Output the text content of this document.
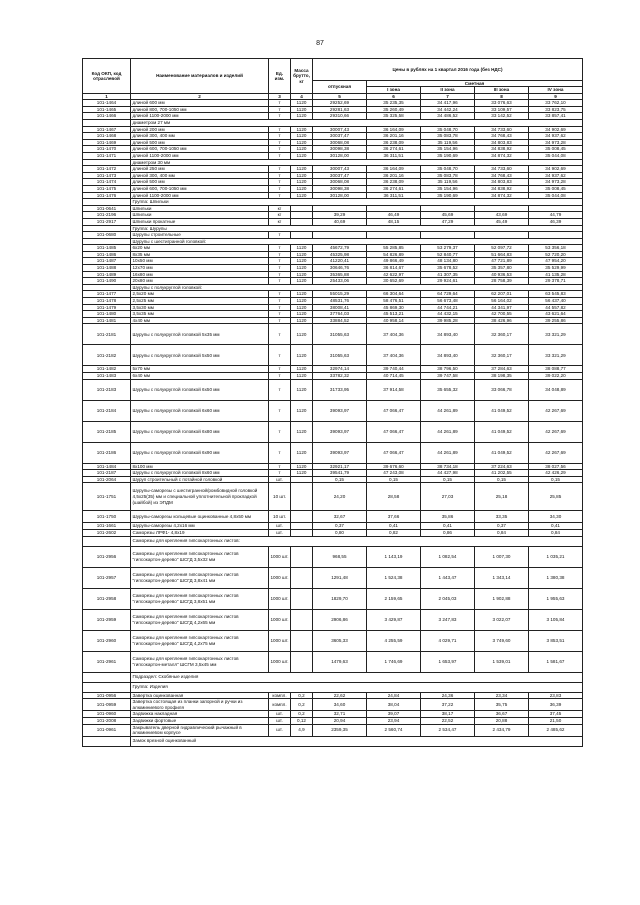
87
Код ОКП, код отраслевой	Наименование материалов и изделий	Ед. изм.	Масса брутто, кг	Цены в рублях на 1 квартал 2016 года (без НДС)				
				отпускная	Сметная			
					I зона	II зона	III зона	IV зона
1	2	3	4	5	6	7	8	9
101-1464	длиной 600 мм	т	1120	29252,69	35 235,35	34 417,96	33 076,63	33 762,10
101-1465	длиной 800, 700-1050 мм	т	1120	29281,63	35 260,49	34 442,24	33 109,57	33 823,75
101-1466	длиной 1100-2000 мм	т	1120	29310,66	35 325,58	34 486,52	33 142,52	33 857,41
	диаметром 27 мм							
101-1467	длиной 200 мм	т	1120	30007,43	36 164,09	35 048,70	34 733,60	34 902,69
101-1468	длиной 300, 400 мм	т	1120	30037,47	36 201,16	35 083,78	34 768,43	34 937,62
101-1469	длиной 500 мм	т	1120	30068,08	36 238,09	35 119,56	34 803,83	34 973,28
101-1470	длиной 600, 700-1050 мм	т	1120	30098,38	36 274,61	35 154,96	34 838,92	35 008,45
101-1471	длиной 1100-2000 мм	т	1120	30128,00	36 311,51	35 190,69	34 874,32	35 044,08
	диаметром 30 мм							
101-1472	длиной 250 мм	т	1120	30007,43	36 164,09	35 048,70	34 733,60	34 902,69
101-1473	длиной 300, 400 мм	т	1120	30037,47	36 201,16	35 083,78	34 768,43	34 937,62
101-1474	длиной 500 мм	т	1120	30068,08	36 238,09	35 119,56	34 803,83	34 973,28
101-1475	длиной 600, 700-1050 мм	т	1120	30098,38	36 274,61	35 154,96	34 838,92	35 008,45
101-1476	длиной 1100-2000 мм	т	1120	30128,00	36 311,51	35 190,69	34 874,32	35 044,08
	Группа: Шпильки							
101-0641	Шпильки	кг						
101-2196	Шпильки	кг		39,29	46,49	45,69	43,69	44,79
101-2917	Шпильки прокатные	кг		40,69	48,15	47,29	45,49	46,39
	Группа: Шурупы							
101-0680	Шурупы строительные	т						
	Шурупы с шестигранной головкой:							
101-1485	6х20 мм	т	1120	45672,79	55 285,85	53 279,37	52 097,72	53 356,18
101-1486	8х35 мм	т	1120	45325,98	54 826,89	52 840,77	51 664,83	52 720,20
101-1487	10х50 мм	т	1120	41220,41	49 866,49	48 134,80	47 721,89	47 954,20
101-1488	12х70 мм	т	1120	30646,76	36 814,67	35 678,52	35 357,80	35 529,99
101-1489	16х80 мм	т	1120	35365,88	42 622,97	41 307,35	40 936,53	41 135,28
101-1490	20х80 мм	т	1120	25433,06	30 652,69	29 924,61	28 758,39	29 378,71
	Шурупы с полукруглой головкой:							
101-1477	2,5х20 мм	т	1120	55015,29	66 304,64	64 729,64	62 207,01	63 545,83
101-1478	2,5х25 мм	т	1120	48531,76	58 476,51	56 673,48	56 164,02	56 437,40
101-1479	3,5х30 мм	т	1120	38008,41	45 869,30	44 744,21	44 341,97	44 557,82
101-1480	3,5х35 мм	т	1120	37764,03	45 513,21	44 432,15	42 700,55	43 621,64
101-1481	4х40 мм	т	1120	33884,52	40 958,14	39 985,28	38 426,96	39 255,86
101-2181	Шурупы с полукруглой головкой 5х35 мм	т	1120	31055,63	37 404,36	34 893,40	32 360,17	33 321,29
101-2182	Шурупы с полукруглой головкой 5х50 мм	т	1120	31055,63	37 404,36	34 893,40	32 360,17	33 321,29
101-1482	5х70 мм	т	1120	32974,14	39 740,44	38 796,50	37 284,63	38 088,77
101-1483	6х40 мм	т	1120	33782,32	40 714,45	39 747,58	38 198,35	39 022,20
101-2183	Шурупы с полукруглой головкой 6х50 мм	т	1120	31733,95	37 914,58	35 655,32	33 066,78	34 048,89
101-2184	Шурупы с полукруглой головкой 6х60 мм	т	1120	39093,97	47 066,47	44 261,89	41 049,52	42 267,69
101-2185	Шурупы с полукруглой головкой 6х80 мм	т	1120	39093,97	47 066,47	44 261,89	41 049,52	42 267,69
101-2186	Шурупы с полукруглой головкой 6х90 мм	т	1120	39093,97	47 066,47	44 261,89	41 049,52	42 267,69
101-1484	8х100 мм	т	1120	32921,17	39 676,60	38 734,18	37 224,63	38 027,56
101-2187	Шурупы с полукруглой головкой 8х60 мм	т	1120	39541,79	47 243,08	44 427,98	41 202,55	42 426,29
101-2064	Шуруп строительный с потайной головкой	шт.		0,15	0,15	0,15	0,15	0,15
101-1751	Шурупы-саморезы с шестигранной/ромбовидной головкой 4,5х25(35) мм и специальной уплотнительной прокладкой (шайбой) из ЭПДМ	10 шт.		24,20	28,58	27,03	25,18	25,85
101-1750	Шурупы-саморезы кольцевые оцинкованные 4,8х50 мм	10 шт.		32,67	37,66	35,86	33,35	34,30
101-1661	Шурупы-саморезы 4,2х16 мм	шт.		0,37	0,41	0,41	0,37	0,41
101-2602	Саморезы ЛРФ1- 4,8х19	шт.		0,80	0,82	0,86	0,84	0,84
	Саморезы для крепления гипсокартонных листов:							
101-2956	Саморезы для крепления гипсокартонных листов "гипсокартон-дерево" ШСГД 3,5х32 мм	1000 шт.		968,55	1 143,19	1 082,54	1 007,30	1 035,21
101-2957	Саморезы для крепления гипсокартонных листов "гипсокартон-дерево" ШСГД 3,8х41 мм	1000 шт.		1291,48	1 524,38	1 443,47	1 343,14	1 380,38
101-2958	Саморезы для крепления гипсокартонных листов "гипсокартон-дерево" ШСГД 3,8х51 мм	1000 шт.		1829,70	2 159,65	2 045,03	1 902,88	1 955,63
101-2959	Саморезы для крепления гипсокартонных листов "гипсокартон-дерево" ШСГД 4,2х65 мм	1000 шт.		2906,86	3 429,87	3 247,83	3 022,07	3 105,84
101-2960	Саморезы для крепления гипсокартонных листов "гипсокартон-дерево" ШСГД 4,2х75 мм	1000 шт.		3605,33	4 255,59	4 029,71	3 749,60	3 853,51
101-2961	Саморезы для крепления гипсокартонных листов "гипсокартон-металл" ШСГМ 3,5х45 мм	1000 шт.		1479,63	1 746,69	1 653,97	1 539,01	1 581,67
	Подраздел: Скобяные изделия							
	Группа: Изделия							
101-0956	Завертка оцинкованная	компл.	0,2	22,62	24,84	24,36	23,34	23,83
101-0959	Завертка состоящая из планки запорной и ручки из алюминиевого профиля	компл.	0,2	34,60	38,04	37,22	35,75	36,39
101-0960	Задвижка накладная	шт.	0,2	32,71	39,07	38,17	36,67	37,45
101-2008	Задвижки фортовые	шт.	0,12	20,94	23,94	22,52	20,88	21,50
101-0961	Закрыватель дверной гидравлический рычажный в алюминиевом корпусе	шт.	4,9	2359,35	2 560,74	2 534,47	2 434,79	2 485,62
	Замок врезной оцинкованный							
